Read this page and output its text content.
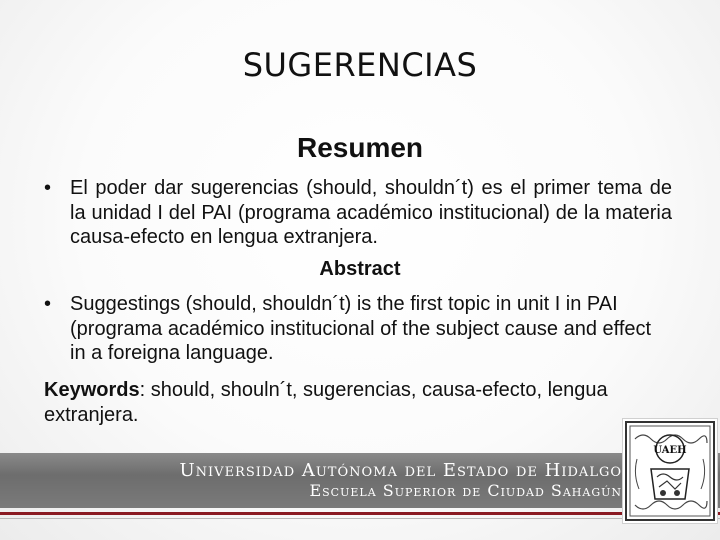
SUGERENCIAS
Resumen
• El poder dar sugerencias (should, shouldn´t) es el primer tema de la unidad I del PAI (programa académico institucional) de la materia causa-efecto en lengua extranjera.
Abstract
• Suggestings (should, shouldn´t) is the first topic in unit I in PAI (programa académico institucional of the subject cause and effect in a foreigna language.
Keywords: should, shouln´t, sugerencias, causa-efecto, lengua extranjera.
Universidad Autónoma del Estado de Hidalgo
Escuela Superior de Ciudad Sahagún
UAEH
